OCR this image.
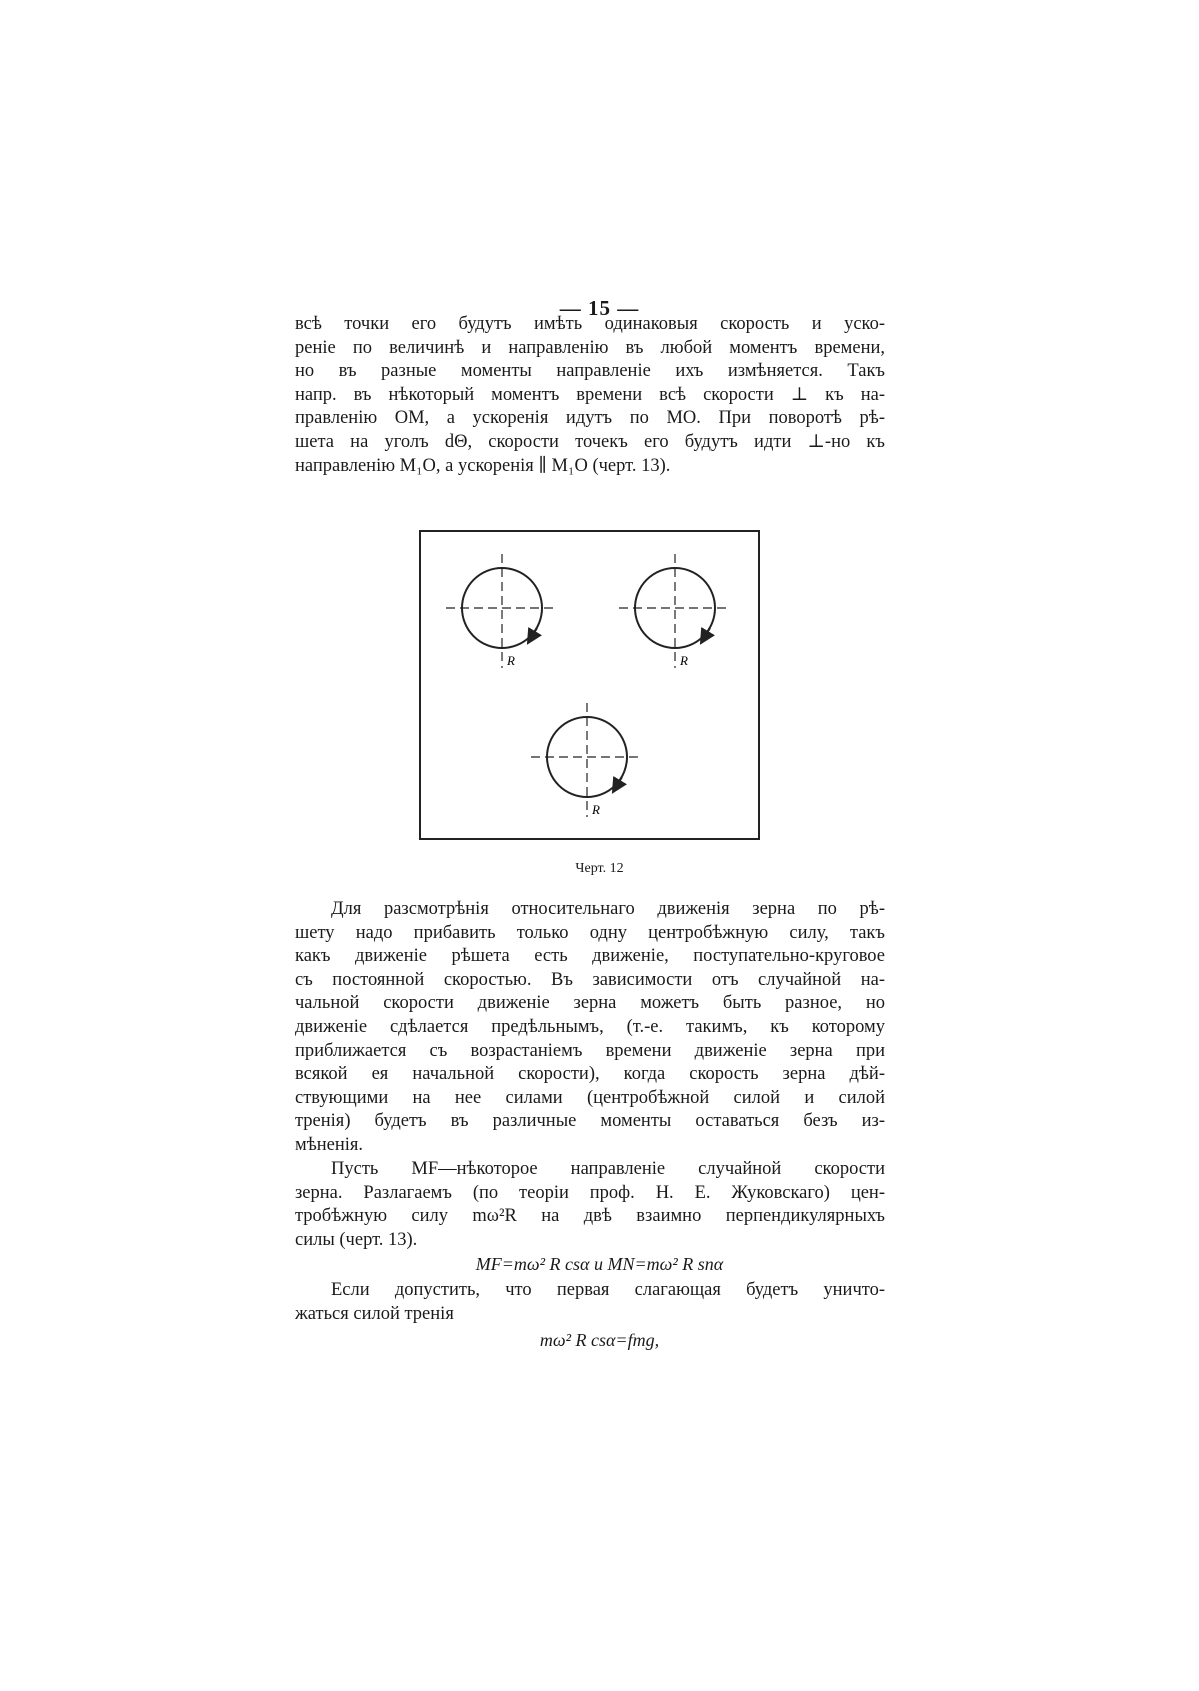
— 15 —
всѣ точки его будутъ имѣть одинаковыя скорость и уско-
ренiе по величинѣ и направленiю въ любой моментъ времени,
но въ разные моменты направленiе ихъ измѣняется. Такъ
напр. въ нѣкоторый моментъ времени всѣ скорости ⊥ къ на-
правленiю OM, а ускоренiя идутъ по MO. При поворотѣ рѣ-
шета на уголъ dΘ, скорости точекъ его будутъ идти ⊥-но къ
направленiю M₁O, а ускоренiя ∥ M₁O (черт. 13).
R	R
R
Черт. 12
Для разсмотрѣнiя относительнаго движенiя зерна по рѣ-
шету надо прибавить только одну центробѣжную силу, такъ
какъ движенiе рѣшета есть движенiе, поступательно-круговое
съ постоянной скоростью. Въ зависимости отъ случайной на-
чальной скорости движенiе зерна можетъ быть разное, но
движенiе сдѣлается предѣльнымъ, (т.-е. такимъ, къ которому
приближается съ возрастанiемъ времени движенiе зерна при
всякой ея начальной скорости), когда скорость зерна дѣй-
ствующими на нее силами (центробѣжной силой и силой
тренiя) будетъ въ различные моменты оставаться безъ из-
мѣненiя.
Пусть MF—нѣкоторое направленiе случайной скорости
зерна. Разлагаемъ (по теорiи проф. Н. Е. Жуковскаго) цен-
тробѣжную силу mω²R на двѣ взаимно перпендикулярныхъ
силы (черт. 13).
MF=mω² R csα и MN=mω² R snα
Если допустить, что первая слагающая будетъ уничто-
жаться силой тренiя
mω² R csα=fmg,
